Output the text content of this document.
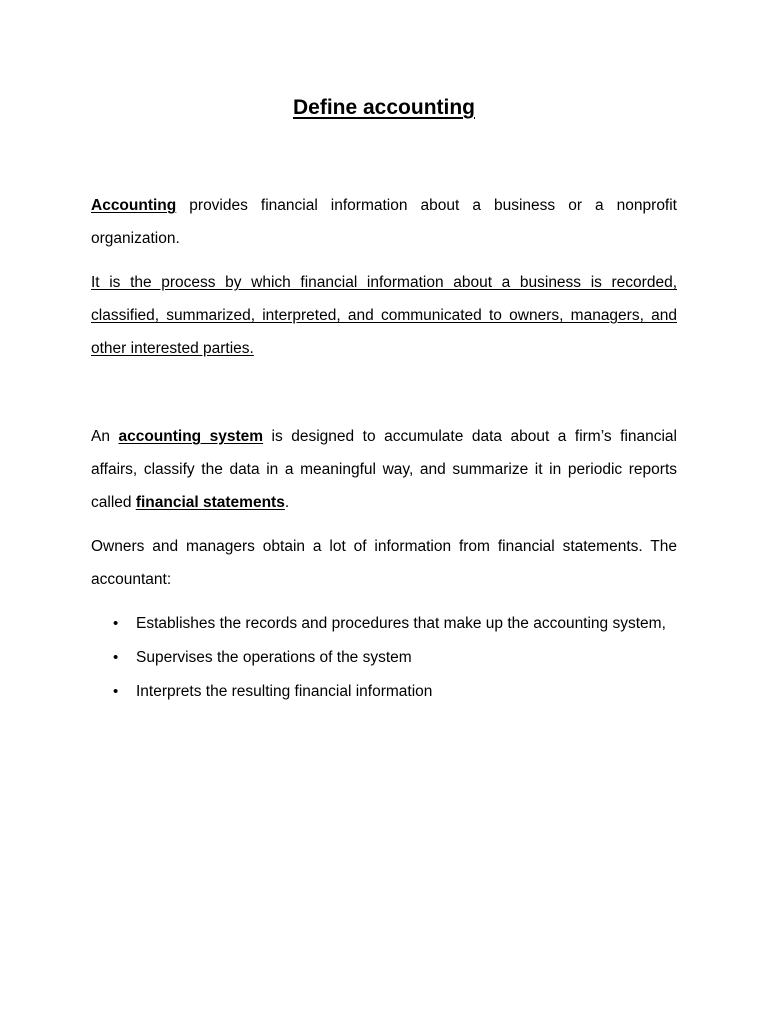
Define accounting

Accounting provides financial information about a business or a nonprofit organization.

It is the process by which financial information about a business is recorded, classified, summarized, interpreted, and communicated to owners, managers, and other interested parties.

An accounting system is designed to accumulate data about a firm’s financial affairs, classify the data in a meaningful way, and summarize it in periodic reports called financial statements.

Owners and managers obtain a lot of information from financial statements. The accountant:

• Establishes the records and procedures that make up the accounting system,
• Supervises the operations of the system
• Interprets the resulting financial information
